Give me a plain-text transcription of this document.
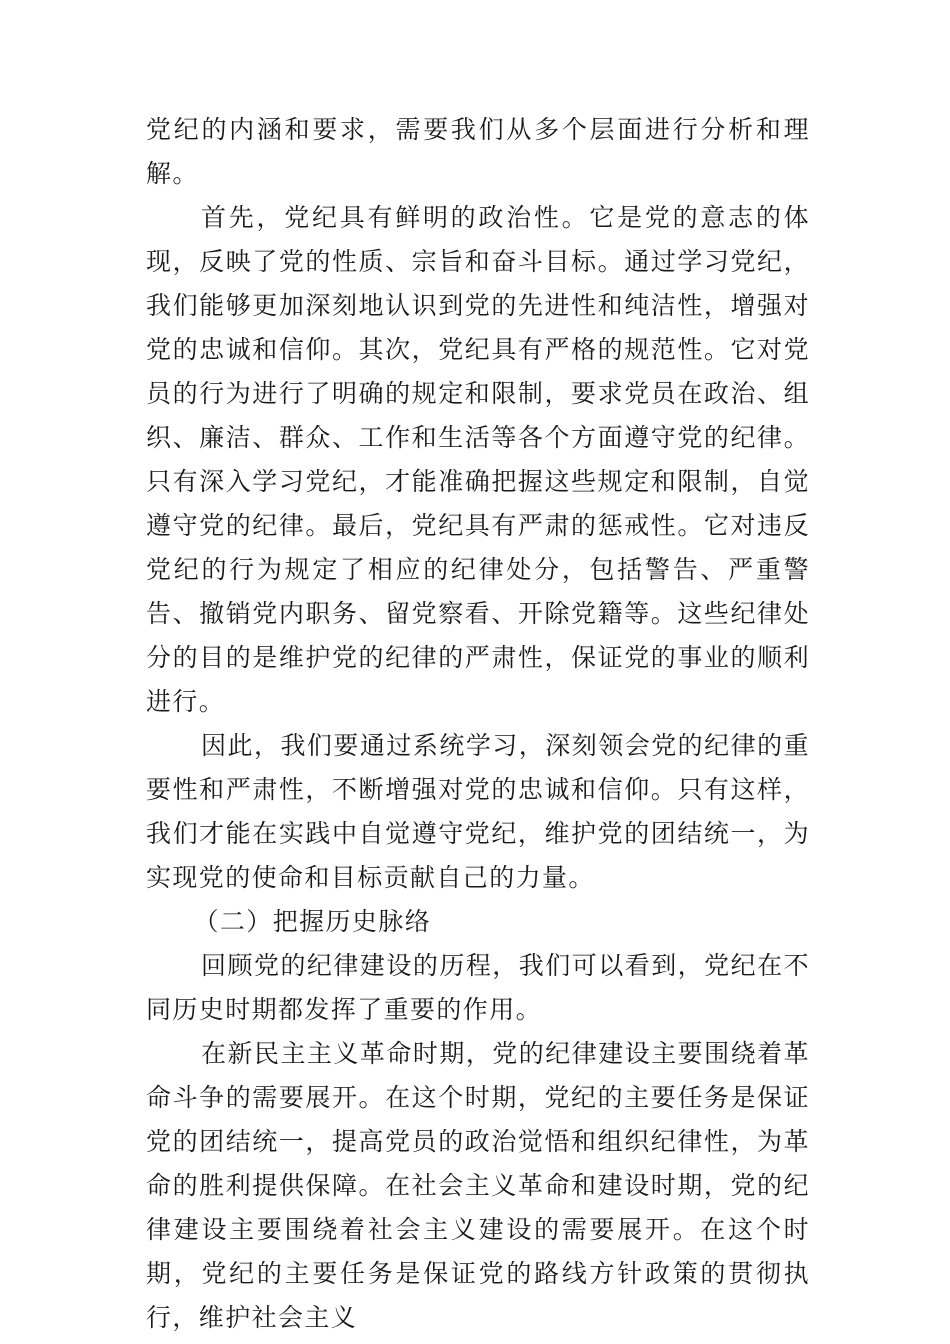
党纪的内涵和要求，需要我们从多个层面进行分析和理解。

首先，党纪具有鲜明的政治性。它是党的意志的体现，反映了党的性质、宗旨和奋斗目标。通过学习党纪，我们能够更加深刻地认识到党的先进性和纯洁性，增强对党的忠诚和信仰。其次，党纪具有严格的规范性。它对党员的行为进行了明确的规定和限制，要求党员在政治、组织、廉洁、群众、工作和生活等各个方面遵守党的纪律。只有深入学习党纪，才能准确把握这些规定和限制，自觉遵守党的纪律。最后，党纪具有严肃的惩戒性。它对违反党纪的行为规定了相应的纪律处分，包括警告、严重警告、撤销党内职务、留党察看、开除党籍等。这些纪律处分的目的是维护党的纪律的严肃性，保证党的事业的顺利进行。

因此，我们要通过系统学习，深刻领会党的纪律的重要性和严肃性，不断增强对党的忠诚和信仰。只有这样，我们才能在实践中自觉遵守党纪，维护党的团结统一，为实现党的使命和目标贡献自己的力量。

（二）把握历史脉络

回顾党的纪律建设的历程，我们可以看到，党纪在不同历史时期都发挥了重要的作用。

在新民主主义革命时期，党的纪律建设主要围绕着革命斗争的需要展开。在这个时期，党纪的主要任务是保证党的团结统一，提高党员的政治觉悟和组织纪律性，为革命的胜利提供保障。在社会主义革命和建设时期，党的纪律建设主要围绕着社会主义建设的需要展开。在这个时期，党纪的主要任务是保证党的路线方针政策的贯彻执行，维护社会主义
